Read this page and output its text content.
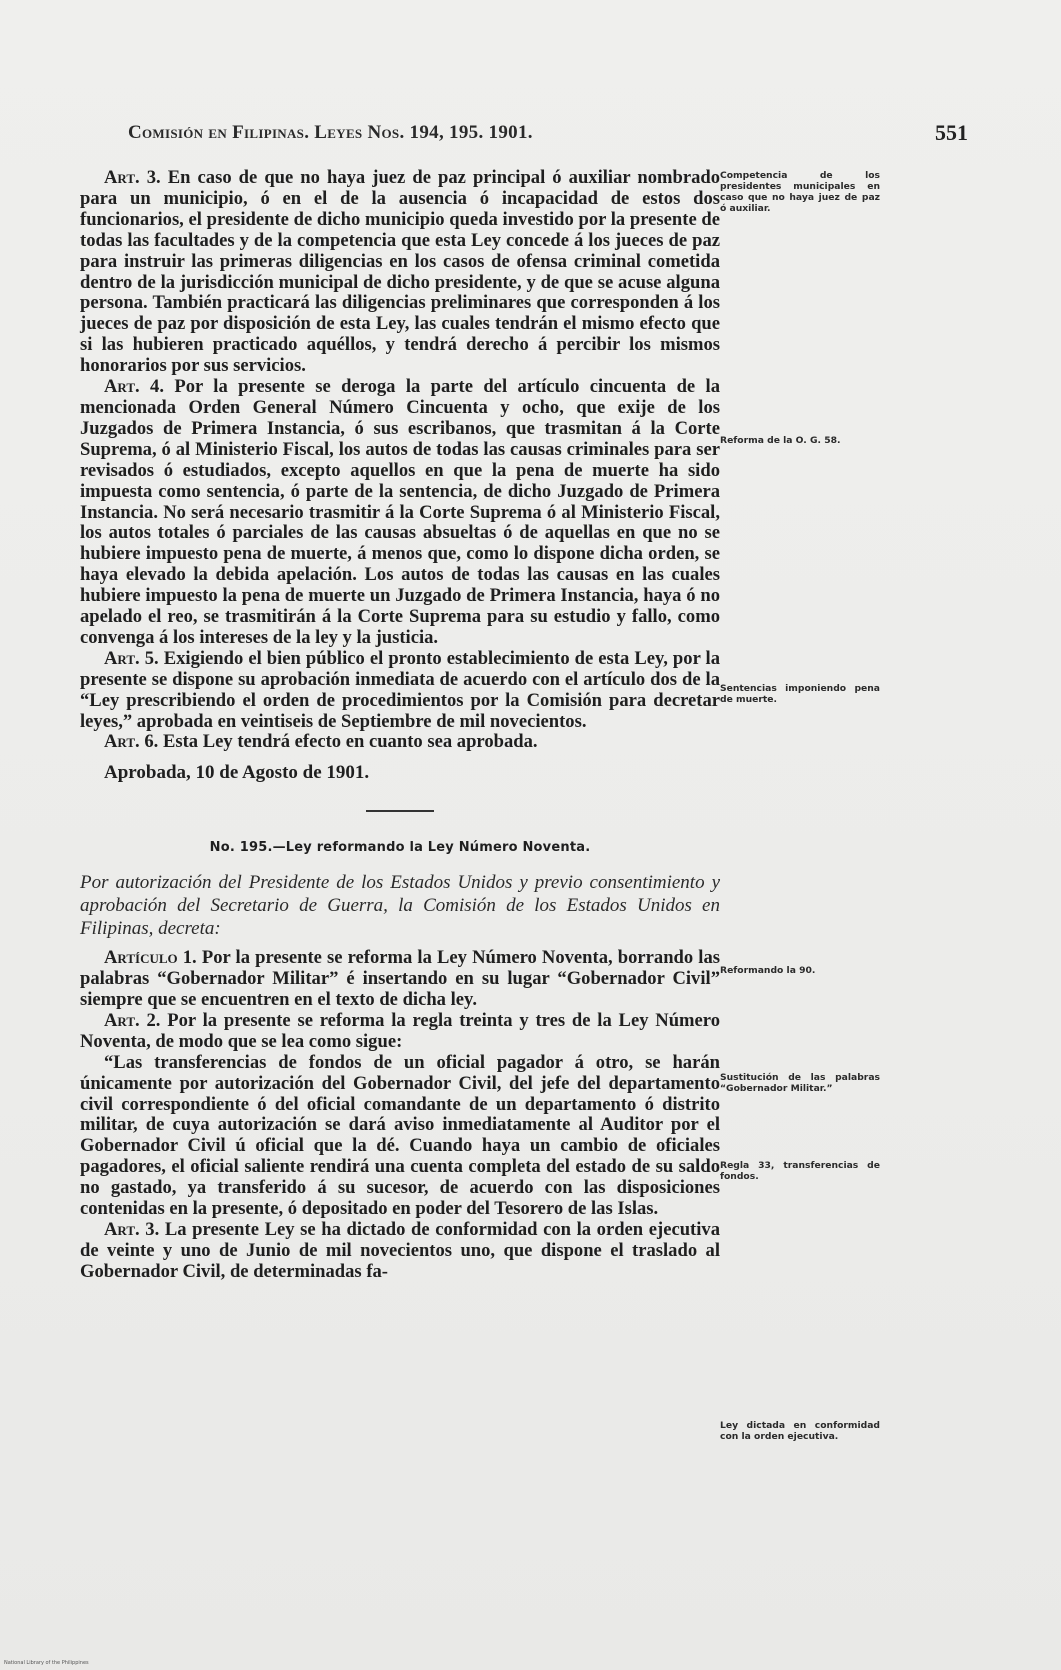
Comisión en Filipinas. Leyes Nos. 194, 195. 1901.	551

Art. 3. En caso de que no haya juez de paz principal ó auxiliar nombrado para un municipio, ó en el de la ausencia ó incapacidad de estos dos funcionarios, el presidente de dicho municipio queda investido por la presente de todas las facultades y de la competencia que esta Ley concede á los jueces de paz para instruir las primeras diligencias en los casos de ofensa criminal cometida dentro de la jurisdicción municipal de dicho presidente, y de que se acuse alguna persona. También practicará las diligencias preliminares que corresponden á los jueces de paz por disposición de esta Ley, las cuales tendrán el mismo efecto que si las hubieren practicado aquéllos, y tendrá derecho á percibir los mismos honorarios por sus servicios.

Art. 4. Por la presente se deroga la parte del artículo cincuenta de la mencionada Orden General Número Cincuenta y ocho, que exije de los Juzgados de Primera Instancia, ó sus escribanos, que trasmitan á la Corte Suprema, ó al Ministerio Fiscal, los autos de todas las causas criminales para ser revisados ó estudiados, excepto aquellos en que la pena de muerte ha sido impuesta como sentencia, ó parte de la sentencia, de dicho Juzgado de Primera Instancia. No será necesario trasmitir á la Corte Suprema ó al Ministerio Fiscal, los autos totales ó parciales de las causas absueltas ó de aquellas en que no se hubiere impuesto pena de muerte, á menos que, como lo dispone dicha orden, se haya elevado la debida apelación. Los autos de todas las causas en las cuales hubiere impuesto la pena de muerte un Juzgado de Primera Instancia, haya ó no apelado el reo, se trasmitirán á la Corte Suprema para su estudio y fallo, como convenga á los intereses de la ley y la justicia.

Art. 5. Exigiendo el bien público el pronto establecimiento de esta Ley, por la presente se dispone su aprobación inmediata de acuerdo con el artículo dos de la “Ley prescribiendo el orden de procedimientos por la Comisión para decretar leyes,” aprobada en veintiseis de Septiembre de mil novecientos.

Art. 6. Esta Ley tendrá efecto en cuanto sea aprobada.

Aprobada, 10 de Agosto de 1901.

No. 195.—Ley reformando la Ley Número Noventa.

Por autorización del Presidente de los Estados Unidos y previo consentimiento y aprobación del Secretario de Guerra, la Comisión de los Estados Unidos en Filipinas, decreta:

Artículo 1. Por la presente se reforma la Ley Número Noventa, borrando las palabras “Gobernador Militar” é insertando en su lugar “Gobernador Civil” siempre que se encuentren en el texto de dicha ley.

Art. 2. Por la presente se reforma la regla treinta y tres de la Ley Número Noventa, de modo que se lea como sigue:

“Las transferencias de fondos de un oficial pagador á otro, se harán únicamente por autorización del Gobernador Civil, del jefe del departamento civil correspondiente ó del oficial comandante de un departamento ó distrito militar, de cuya autorización se dará aviso inmediatamente al Auditor por el Gobernador Civil ú oficial que la dé. Cuando haya un cambio de oficiales pagadores, el oficial saliente rendirá una cuenta completa del estado de su saldo no gastado, ya transferido á su sucesor, de acuerdo con las disposiciones contenidas en la presente, ó depositado en poder del Tesorero de las Islas.

Art. 3. La presente Ley se ha dictado de conformidad con la orden ejecutiva de veinte y uno de Junio de mil novecientos uno, que dispone el traslado al Gobernador Civil, de determinadas fa-

Competencia de los presidentes municipales en caso que no haya juez de paz ó auxiliar.
Reforma de la O. G. 58.
Sentencias imponiendo pena de muerte.
Reformando la 90.
Sustitución de las palabras “Gobernador Militar.”
Regla 33, transferencias de fondos.
Ley dictada en conformidad con la orden ejecutiva.
National Library of the Philippines
